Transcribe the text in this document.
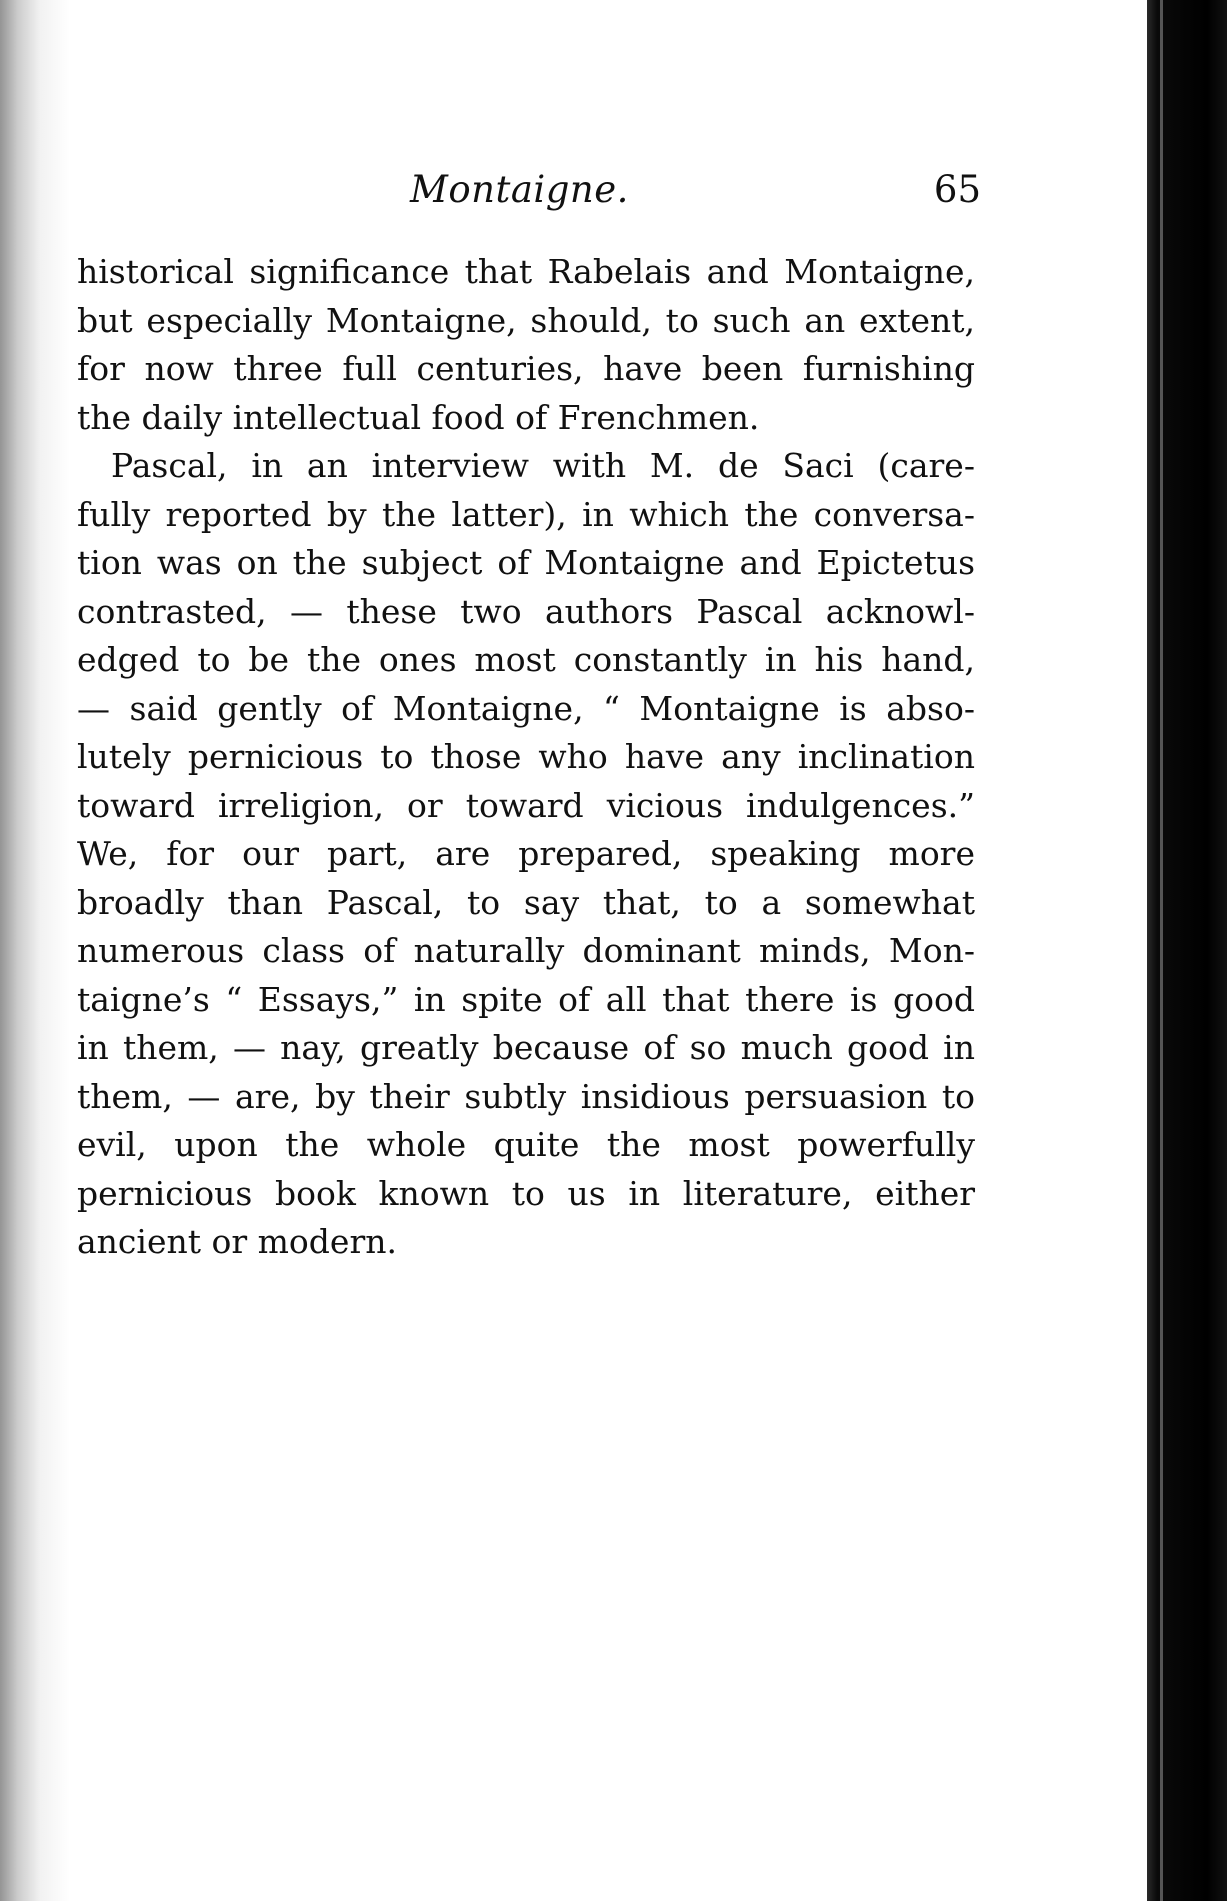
Montaigne.	65
historical significance that Rabelais and Montaigne,
but especially Montaigne, should, to such an extent,
for now three full centuries, have been furnishing
the daily intellectual food of Frenchmen.
Pascal, in an interview with M. de Saci (care-
fully reported by the latter), in which the conversa-
tion was on the subject of Montaigne and Epictetus
contrasted, — these two authors Pascal acknowl-
edged to be the ones most constantly in his hand,
— said gently of Montaigne, “ Montaigne is abso-
lutely pernicious to those who have any inclination
toward irreligion, or toward vicious indulgences.”
We, for our part, are prepared, speaking more
broadly than Pascal, to say that, to a somewhat
numerous class of naturally dominant minds, Mon-
taigne’s “ Essays,” in spite of all that there is good
in them, — nay, greatly because of so much good in
them, — are, by their subtly insidious persuasion to
evil, upon the whole quite the most powerfully
pernicious book known to us in literature, either
ancient or modern.
